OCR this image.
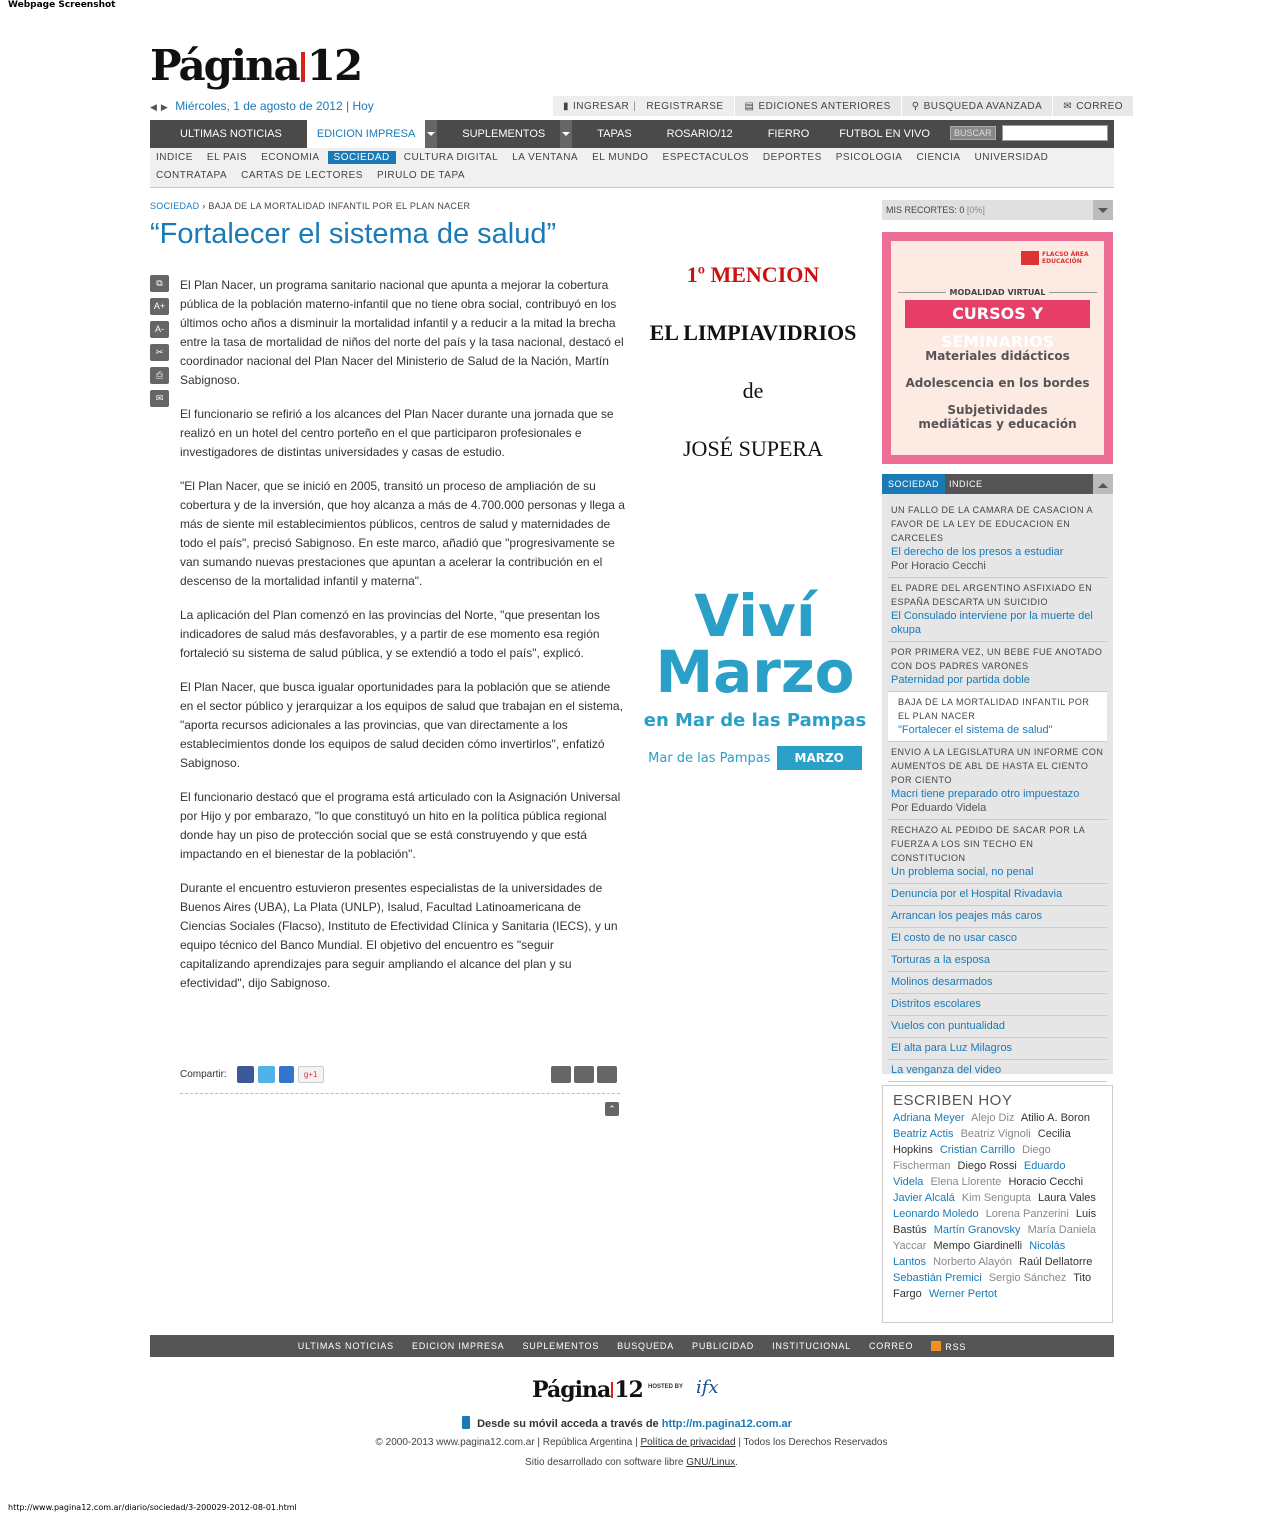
Webpage Screenshot
Página 12
◀ ▶ Miércoles, 1 de agosto de 2012 | Hoy	▮ INGRESAR |	REGISTRARSE	▤ EDICIONES ANTERIORES	⚲ BUSQUEDA AVANZADA	✉ CORREO
ULTIMAS NOTICIAS	EDICION IMPRESA	SUPLEMENTOS	TAPAS	ROSARIO/12	FIERRO	FUTBOL EN VIVO	BUSCAR
INDICE	EL PAIS	ECONOMIA	SOCIEDAD	CULTURA DIGITAL	LA VENTANA	EL MUNDO	ESPECTACULOS	DEPORTES	PSICOLOGIA	CIENCIA	UNIVERSIDAD
CONTRATAPA	CARTAS DE LECTORES	PIRULO DE TAPA
SOCIEDAD › BAJA DE LA MORTALIDAD INFANTIL POR EL PLAN NACER
“Fortalecer el sistema de salud”
⧉
A+
A-
✂
⎙
✉

El Plan Nacer, un programa sanitario nacional que apunta a mejorar la cobertura pública de la población materno-infantil que no tiene obra social, contribuyó en los últimos ocho años a disminuir la mortalidad infantil y a reducir a la mitad la brecha entre la tasa de mortalidad de niños del norte del país y la tasa nacional, destacó el coordinador nacional del Plan Nacer del Ministerio de Salud de la Nación, Martín Sabignoso.

El funcionario se refirió a los alcances del Plan Nacer durante una jornada que se realizó en un hotel del centro porteño en el que participaron profesionales e investigadores de distintas universidades y casas de estudio.

"El Plan Nacer, que se inició en 2005, transitó un proceso de ampliación de su cobertura y de la inversión, que hoy alcanza a más de 4.700.000 personas y llega a más de siente mil establecimientos públicos, centros de salud y maternidades de todo el país", precisó Sabignoso. En este marco, añadió que "progresivamente se van sumando nuevas prestaciones que apuntan a acelerar la contribución en el descenso de la mortalidad infantil y materna".

La aplicación del Plan comenzó en las provincias del Norte, "que presentan los indicadores de salud más desfavorables, y a partir de ese momento esa región fortaleció su sistema de salud pública, y se extendió a todo el país", explicó.

El Plan Nacer, que busca igualar oportunidades para la población que se atiende en el sector público y jerarquizar a los equipos de salud que trabajan en el sistema, "aporta recursos adicionales a las provincias, que van directamente a los establecimientos donde los equipos de salud deciden cómo invertirlos", enfatizó Sabignoso.

El funcionario destacó que el programa está articulado con la Asignación Universal por Hijo y por embarazo, "lo que constituyó un hito en la política pública regional donde hay un piso de protección social que se está construyendo y que está impactando en el bienestar de la población".

Durante el encuentro estuvieron presentes especialistas de la universidades de Buenos Aires (UBA), La Plata (UNLP), Isalud, Facultad Latinoamericana de Ciencias Sociales (Flacso), Instituto de Efectividad Clínica y Sanitaria (IECS), y un equipo técnico del Banco Mundial. El objetivo del encuentro es "seguir capitalizando aprendizajes para seguir ampliando el alcance del plan y su efectividad", dijo Sabignoso.

Compartir:	g+1
⌃
1º MENCION
EL LIMPIAVIDRIOS
de
JOSÉ SUPERA
Viví
Marzo
en Mar de las Pampas
Mar de las Pampas	MARZO
MIS RECORTES: 0 [0%]
FLACSO ÁREA EDUCACIÓN
MODALIDAD VIRTUAL
CURSOS Y SEMINARIOS
Materiales didácticos
Adolescencia en los bordes
Subjetividades mediáticas y educación
SOCIEDAD	INDICE
UN FALLO DE LA CAMARA DE CASACION A FAVOR DE LA LEY DE EDUCACION EN CARCELES
El derecho de los presos a estudiar
Por Horacio Cecchi
EL PADRE DEL ARGENTINO ASFIXIADO EN ESPAÑA DESCARTA UN SUICIDIO
El Consulado interviene por la muerte del okupa
POR PRIMERA VEZ, UN BEBE FUE ANOTADO CON DOS PADRES VARONES
Paternidad por partida doble
BAJA DE LA MORTALIDAD INFANTIL POR EL PLAN NACER
"Fortalecer el sistema de salud"
ENVIO A LA LEGISLATURA UN INFORME CON AUMENTOS DE ABL DE HASTA EL CIENTO POR CIENTO
Macri tiene preparado otro impuestazo
Por Eduardo Videla
RECHAZO AL PEDIDO DE SACAR POR LA FUERZA A LOS SIN TECHO EN CONSTITUCION
Un problema social, no penal
Denuncia por el Hospital Rivadavia
Arrancan los peajes más caros
El costo de no usar casco
Torturas a la esposa
Molinos desarmados
Distritos escolares
Vuelos con puntualidad
El alta para Luz Milagros
La venganza del video
ESCRIBEN HOY
Adriana Meyer Alejo Diz Atilio A. Boron Beatriz Actis Beatriz Vignoli Cecilia Hopkins Cristian Carrillo Diego Fischerman Diego Rossi Eduardo Videla Elena Llorente Horacio Cecchi Javier Alcalá Kim Sengupta Laura Vales Leonardo Moledo Lorena Panzerini Luis Bastús Martín Granovsky María Daniela Yaccar Mempo Giardinelli Nicolás Lantos Norberto Alayón Raúl Dellatorre Sebastián Premici Sergio Sánchez Tito Fargo Werner Pertot
ULTIMAS NOTICIAS	EDICION IMPRESA	SUPLEMENTOS	BUSQUEDA	PUBLICIDAD	INSTITUCIONAL	CORREO	RSS
Página 12 HOSTED BY ifx
Desde su móvil acceda a través de http://m.pagina12.com.ar
© 2000-2013 www.pagina12.com.ar | República Argentina | Política de privacidad | Todos los Derechos Reservados
Sitio desarrollado con software libre GNU/Linux.
http://www.pagina12.com.ar/diario/sociedad/3-200029-2012-08-01.html
